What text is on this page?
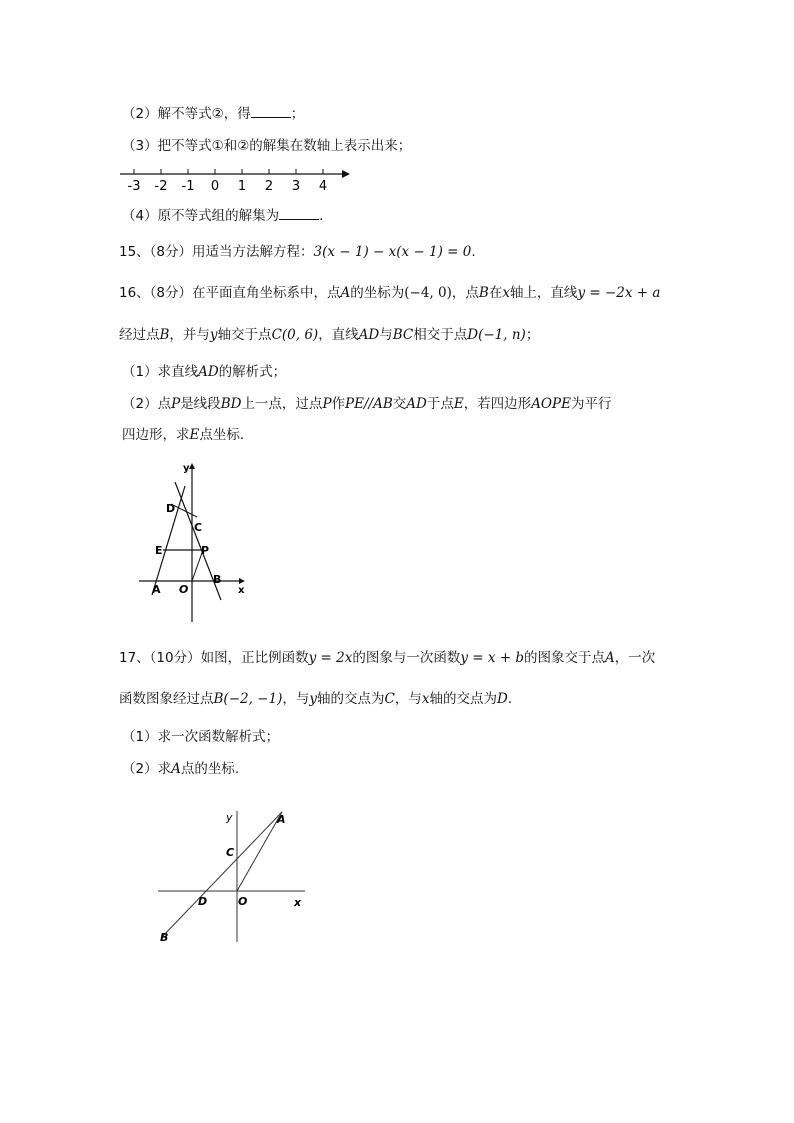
（2）解不等式②，得	；
（3）把不等式①和②的解集在数轴上表示出来；
-3 -2 -1 0 1 2 3 4
（4）原不等式组的解集为	.
15、（8分）用适当方法解方程：3(x − 1) − x(x − 1) = 0.
16、（8分）在平面直角坐标系中，点A的坐标为(−4, 0)，点B在x轴上，直线y = −2x + a
经过点B，并与y轴交于点C(0, 6)，直线AD与BC相交于点D(−1, n)；
（1）求直线AD的解析式；
（2）点P是线段BD上一点，过点P作PE//AB交AD于点E，若四边形AOPE为平行
四边形，求E点坐标.
y
x
D
C
E	P
A O
B
17、（10分）如图，正比例函数y = 2x的图象与一次函数y = x + b的图象交于点A，一次
函数图象经过点B(−2, −1)，与y轴的交点为C，与x轴的交点为D.
（1）求一次函数解析式；
（2）求A点的坐标.
y
x
A
C
D	O
B
